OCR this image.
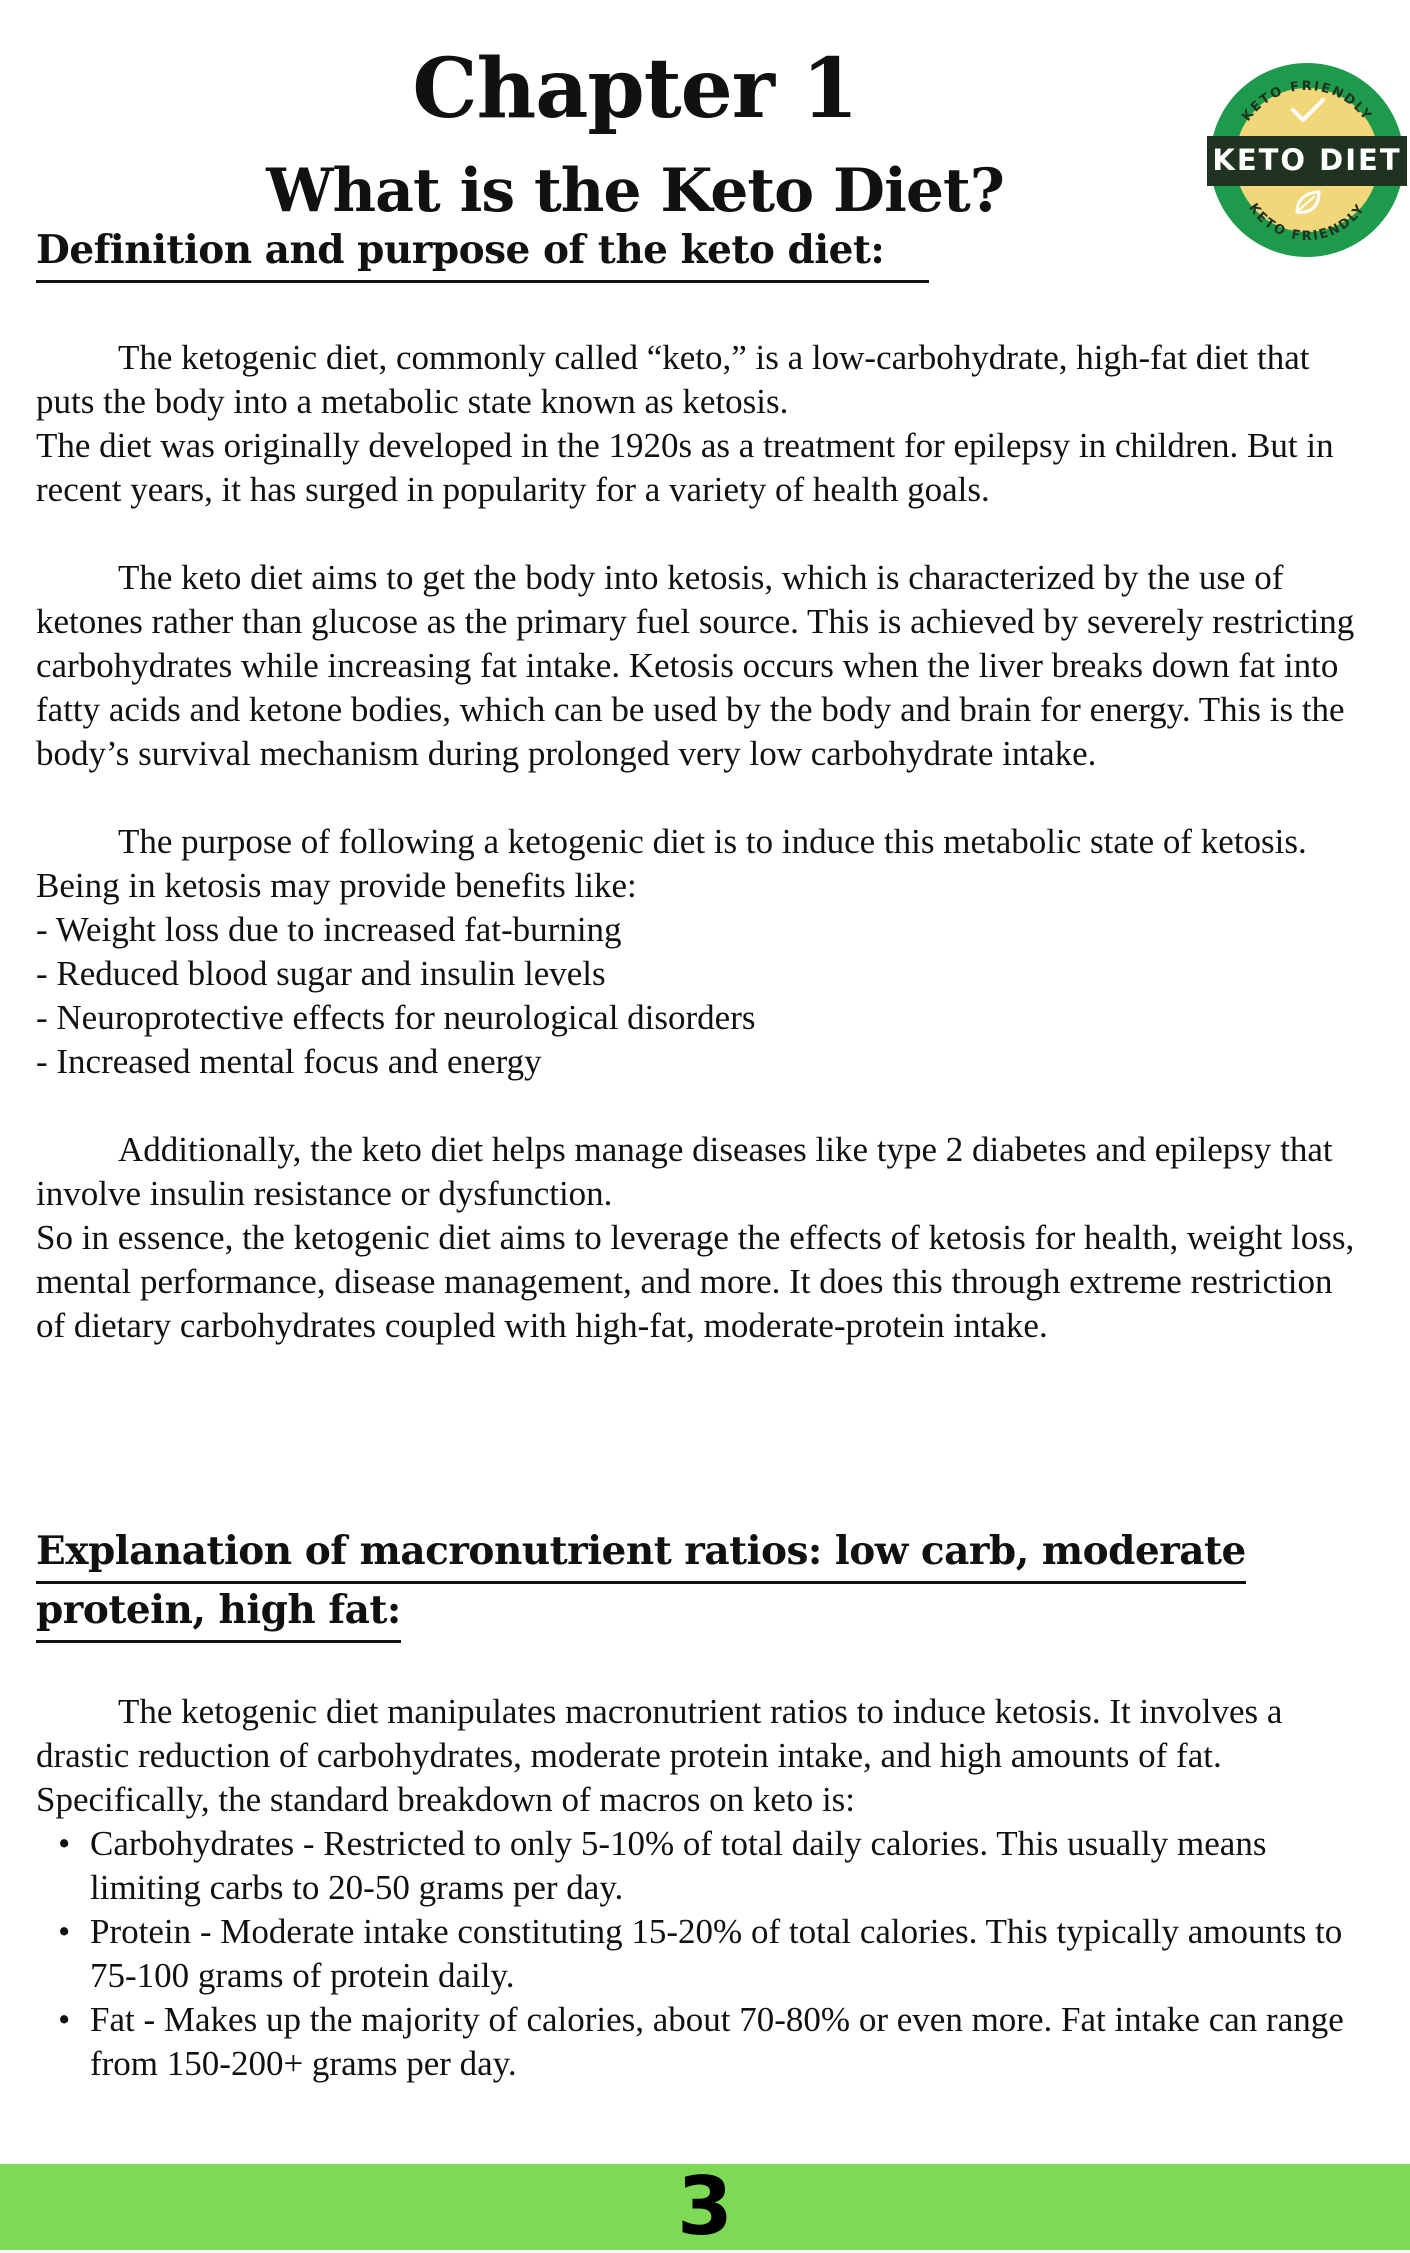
Chapter 1
What is the Keto Diet?
KETO FRIENDLY
KETO FRIENDLY
KETO DIET
Definition and purpose of the keto diet:

The ketogenic diet, commonly called “keto,” is a low-carbohydrate, high-fat diet that puts the body into a metabolic state known as ketosis.

The diet was originally developed in the 1920s as a treatment for epilepsy in children. But in recent years, it has surged in popularity for a variety of health goals.

The keto diet aims to get the body into ketosis, which is characterized by the use of ketones rather than glucose as the primary fuel source. This is achieved by severely restricting carbohydrates while increasing fat intake. Ketosis occurs when the liver breaks down fat into fatty acids and ketone bodies, which can be used by the body and brain for energy. This is the body’s survival mechanism during prolonged very low carbohydrate intake.

The purpose of following a ketogenic diet is to induce this metabolic state of ketosis. Being in ketosis may provide benefits like:

- Weight loss due to increased fat-burning

- Reduced blood sugar and insulin levels

- Neuroprotective effects for neurological disorders

- Increased mental focus and energy

Additionally, the keto diet helps manage diseases like type 2 diabetes and epilepsy that involve insulin resistance or dysfunction.

So in essence, the ketogenic diet aims to leverage the effects of ketosis for health, weight loss, mental performance, disease management, and more. It does this through extreme restriction of dietary carbohydrates coupled with high-fat, moderate-protein intake.

Explanation of macronutrient ratios: low carb, moderate
protein, high fat:

The ketogenic diet manipulates macronutrient ratios to induce ketosis. It involves a drastic reduction of carbohydrates, moderate protein intake, and high amounts of fat.

Specifically, the standard breakdown of macros on keto is:

• Carbohydrates - Restricted to only 5-10% of total daily calories. This usually means limiting carbs to 20-50 grams per day.
• Protein - Moderate intake constituting 15-20% of total calories. This typically amounts to 75-100 grams of protein daily.
• Fat - Makes up the majority of calories, about 70-80% or even more. Fat intake can range from 150-200+ grams per day.
3
